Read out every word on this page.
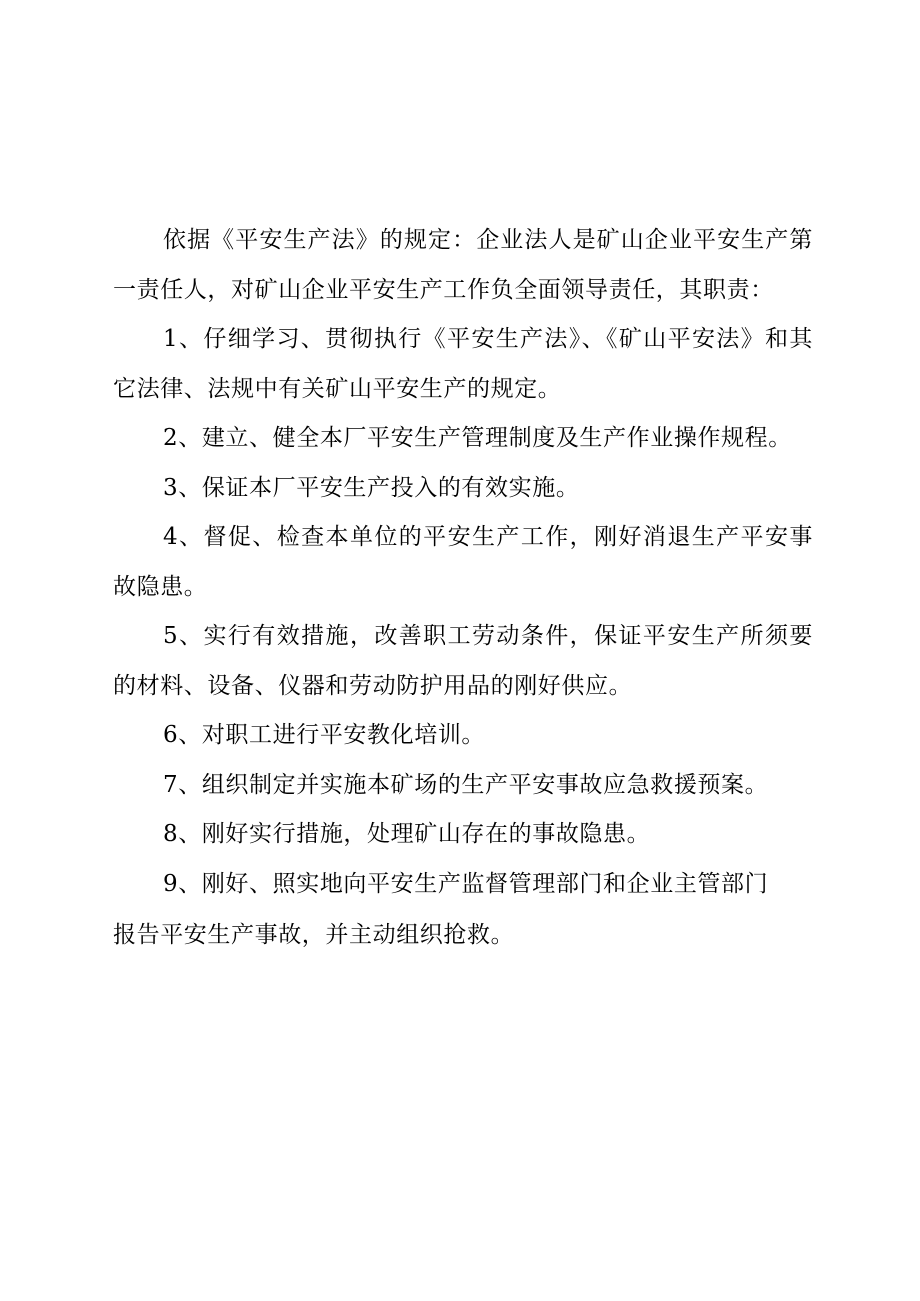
依据《平安生产法》的规定：企业法人是矿山企业平安生产第一责任人，对矿山企业平安生产工作负全面领导责任，其职责：

1、仔细学习、贯彻执行《平安生产法》、《矿山平安法》和其它法律、法规中有关矿山平安生产的规定。

2、建立、健全本厂平安生产管理制度及生产作业操作规程。

3、保证本厂平安生产投入的有效实施。

4、督促、检查本单位的平安生产工作，刚好消退生产平安事故隐患。

5、实行有效措施，改善职工劳动条件，保证平安生产所须要的材料、设备、仪器和劳动防护用品的刚好供应。

6、对职工进行平安教化培训。

7、组织制定并实施本矿场的生产平安事故应急救援预案。

8、刚好实行措施，处理矿山存在的事故隐患。

9、刚好、照实地向平安生产监督管理部门和企业主管部门

报告平安生产事故，并主动组织抢救。
